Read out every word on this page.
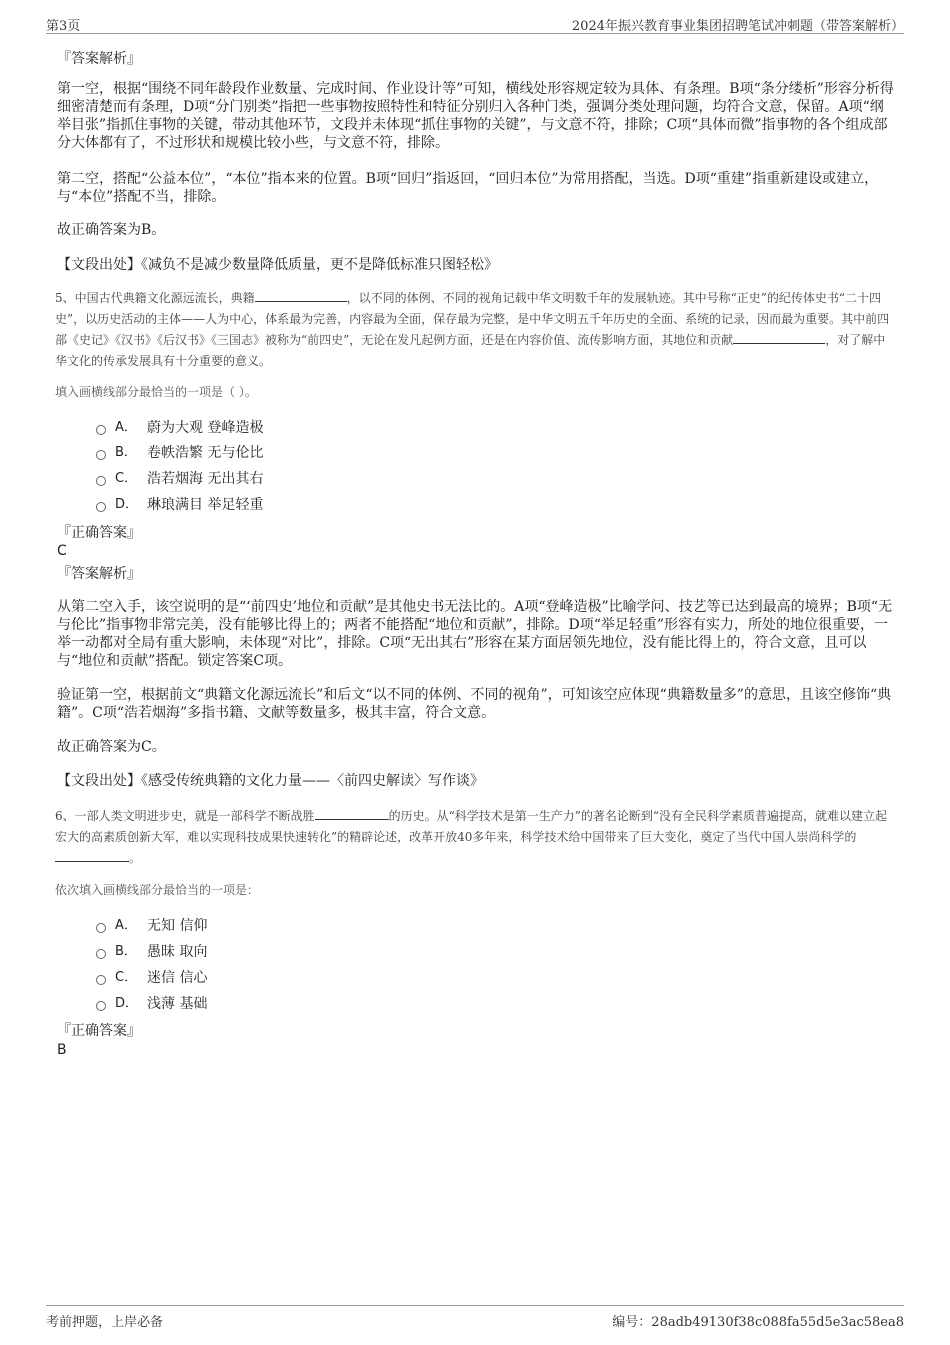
第3页	2024年振兴教育事业集团招聘笔试冲刺题（带答案解析）
『答案解析』

第一空，根据“围绕不同年龄段作业数量、完成时间、作业设计等”可知，横线处形容规定较为具体、有条理。B项“条分缕析”形容分析得细密清楚而有条理，D项“分门别类”指把一些事物按照特性和特征分别归入各种门类，强调分类处理问题，均符合文意，保留。A项“纲举目张”指抓住事物的关键，带动其他环节，文段并未体现“抓住事物的关键”，与文意不符，排除；C项“具体而微”指事物的各个组成部分大体都有了，不过形状和规模比较小些，与文意不符，排除。

第二空，搭配“公益本位”，“本位”指本来的位置。B项“回归”指返回，“回归本位”为常用搭配，当选。D项“重建”指重新建设或建立，与“本位”搭配不当，排除。

故正确答案为B。

【文段出处】《减负不是减少数量降低质量，更不是降低标准只图轻松》

5、中国古代典籍文化源远流长，典籍	，以不同的体例、不同的视角记载中华文明数千年的发展轨迹。其中号称“正史”的纪传体史书“二十四史”，以历史活动的主体——人为中心，体系最为完善，内容最为全面，保存最为完整，是中华文明五千年历史的全面、系统的记录，因而最为重要。其中前四部《史记》《汉书》《后汉书》《三国志》被称为“前四史”，无论在发凡起例方面，还是在内容价值、流传影响方面，其地位和贡献	，对了解中华文化的传承发展具有十分重要的意义。

填入画横线部分最恰当的一项是（ ）。

A． 蔚为大观 登峰造极
B． 卷帙浩繁 无与伦比
C． 浩若烟海 无出其右
D． 琳琅满目 举足轻重
『正确答案』
C
『答案解析』

从第二空入手，该空说明的是“‘前四史’地位和贡献”是其他史书无法比的。A项“登峰造极”比喻学问、技艺等已达到最高的境界；B项“无与伦比”指事物非常完美，没有能够比得上的；两者不能搭配“地位和贡献”，排除。D项“举足轻重”形容有实力，所处的地位很重要，一举一动都对全局有重大影响，未体现“对比”，排除。C项“无出其右”形容在某方面居领先地位，没有能比得上的，符合文意，且可以与“地位和贡献”搭配。锁定答案C项。

验证第一空，根据前文“典籍文化源远流长”和后文“以不同的体例、不同的视角”，可知该空应体现“典籍数量多”的意思，且该空修饰“典籍”。C项“浩若烟海”多指书籍、文献等数量多，极其丰富，符合文意。

故正确答案为C。

【文段出处】《感受传统典籍的文化力量——〈前四史解读〉写作谈》

6、一部人类文明进步史，就是一部科学不断战胜	的历史。从“科学技术是第一生产力”的著名论断到“没有全民科学素质普遍提高，就难以建立起宏大的高素质创新大军，难以实现科技成果快速转化”的精辟论述，改革开放40多年来，科学技术给中国带来了巨大变化，奠定了当代中国人崇尚科学的。

依次填入画横线部分最恰当的一项是：

A． 无知 信仰
B． 愚昧 取向
C． 迷信 信心
D． 浅薄 基础
『正确答案』
B
考前押题，上岸必备	编号：28adb49130f38c088fa55d5e3ac58ea8
